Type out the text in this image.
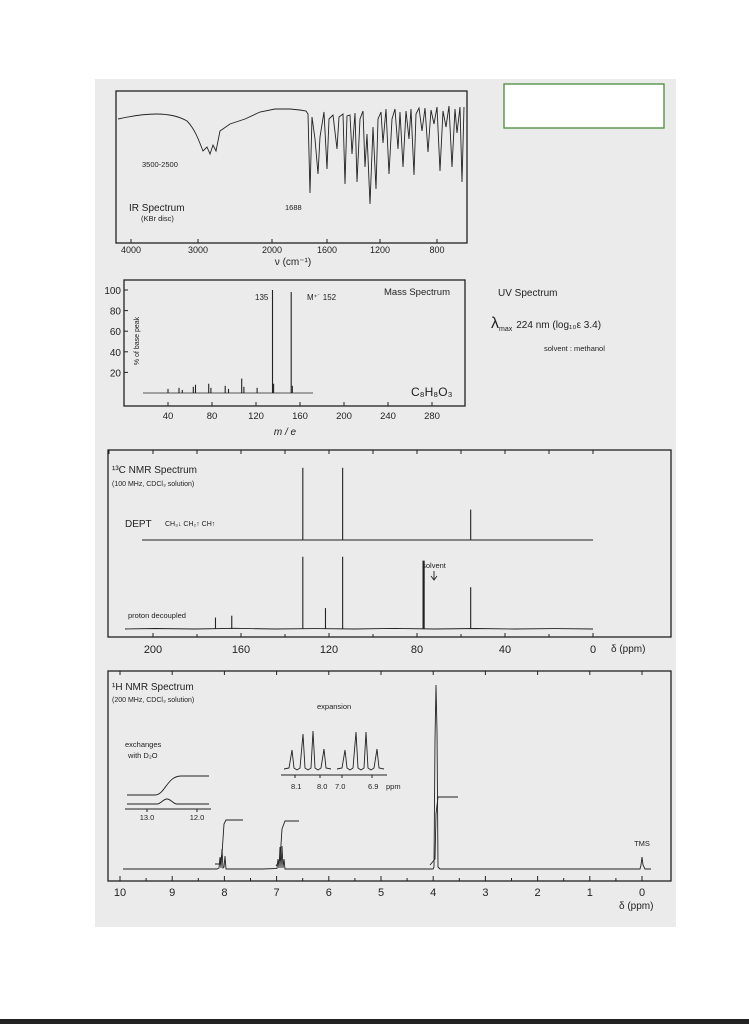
3500-2500
IR Spectrum
(KBr disc)
1688
4000	3000	2000	1600	1200	800
ν (cm⁻¹)
135	M⁺˙ 152	Mass Spectrum
C₈H₈O₃
% of base peak
100
80
60
40
20
40	80	120	160	200	240	280
m / e
UV Spectrum
λmax 224 nm (log₁₀ε 3.4)
solvent : methanol
¹³C NMR Spectrum
(100 MHz, CDCl₃ solution)
DEPT CH₃↓ CH₂↑ CH↑
solvent
proton decoupled
200	160	120	80	40	0 δ (ppm)
¹H NMR Spectrum
(200 MHz, CDCl₃ solution)
exchanges
with D₂O
13.0	12.0
expansion
8.1 8.0 7.0	6.9 ppm
TMS
10	9	8	7	6	5	4	3	2	1	0
δ (ppm)
